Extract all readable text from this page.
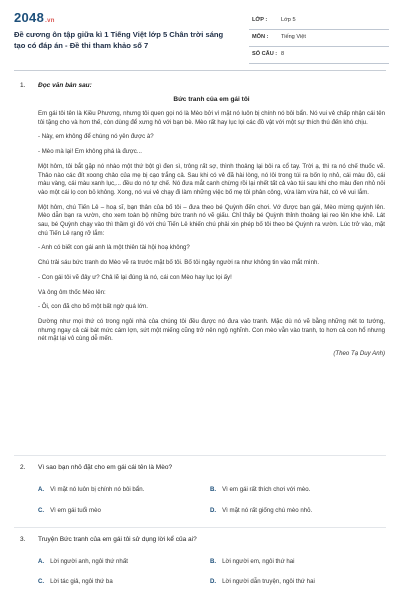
2048.vn
Đề cương ôn tập giữa kì 1 Tiếng Việt lớp 5 Chân trời sáng tạo có đáp án - Đề thi tham khảo số 7
LỚP : Lớp 5
MÔN : Tiếng Việt
SỐ CÂU : 8
1. Đọc văn bản sau:
Bức tranh của em gái tôi

Em gái tôi tên là Kiều Phương, nhưng tôi quen gọi nó là Mèo bởi vì mặt nó luôn bị chính nó bôi bẩn. Nó vui vẻ chấp nhận cái tên tôi tặng cho và hơn thế, còn dùng để xưng hô với bạn bè. Mèo rất hay lục lọi các đồ vật với một sự thích thú đến khó chịu.

- Này, em không để chúng nó yên được à?

- Mèo mà lại! Em không phá là được...

Một hôm, tôi bắt gặp nó nhào một thứ bột gì đen sì, trông rất sợ, thình thoảng lại bôi ra cổ tay. Trời ạ, thì ra nó chế thuốc vẽ. Thảo nào các đít xoong chảo của mẹ bị cạo trắng cả. Sau khi có vẻ đã hài lòng, nó lôi trong túi ra bốn lọ nhỏ, cái màu đỏ, cái màu vàng, cái màu xanh lục,... đều do nó tự chế. Nó đưa mắt canh chừng rồi lại nhết tất cả vào túi sau khi cho màu đen nhỏ nỏi vào một cái lọ con bỏ không. Xong, nó vui vẻ chạy đi làm những việc bố mẹ tôi phân công, vừa làm vừa hát, có vẻ vui lắm.

Một hôm, chú Tiến Lê – hoạ sĩ, bạn thân của bố tôi – đưa theo bé Quỳnh đến chơi. Vớ được bạn gái, Mèo mừng quýnh lên. Mèo dẫn bạn ra vườn, cho xem toàn bộ những bức tranh nó vẽ giấu. Chỉ thấy bé Quỳnh thỉnh thoảng lại reo lên khe khẽ. Lát sau, bé Quỳnh chạy vào thì thầm gì đó với chú Tiến Lê khiến chú phải xin phép bố tôi theo bé Quỳnh ra vườn. Lúc trở vào, mặt chú Tiến Lê rạng rỡ lắm:

- Anh có biết con gái anh là một thiên tài hội hoạ không?

Chú trải sáu bức tranh do Mèo vẽ ra trước mặt bố tôi. Bố tôi ngây người ra như không tin vào mắt mình.

- Con gái tôi vẽ đây ư? Chả lẽ lại đúng là nó, cái con Mèo hay lục lọi ấy!

Và ông ôm thốc Mèo lên:

- Ôi, con đã cho bố một bất ngờ quá lớn.

Dường như mọi thứ có trong ngôi nhà của chúng tôi đều được nó đưa vào tranh. Mặc dù nó vẽ bằng những nét to tướng, nhưng ngay cả cái bát mức cám lợn, sứt một miếng cũng trở nên ngộ nghĩnh. Con mèo vằn vào tranh, to hơn cả con hổ nhưng nét mặt lại vô cùng dễ mến.

(Theo Tạ Duy Anh)
2. Vì sao bạn nhỏ đặt cho em gái cái tên là Mèo?
A. Vì mặt nó luôn bị chính nó bôi bẩn.	B. Vì em gái rất thích chơi với mèo.
C. Vì em gái tuổi mèo	D. Vì mặt nó rất giống chú mèo nhỏ.
3. Truyện Bức tranh của em gái tôi sử dụng lời kể của ai?
A. Lời người anh, ngôi thứ nhất	B. Lời người em, ngôi thứ hai
C. Lời tác giả, ngôi thứ ba	D. Lời người dẫn truyện, ngôi thứ hai
